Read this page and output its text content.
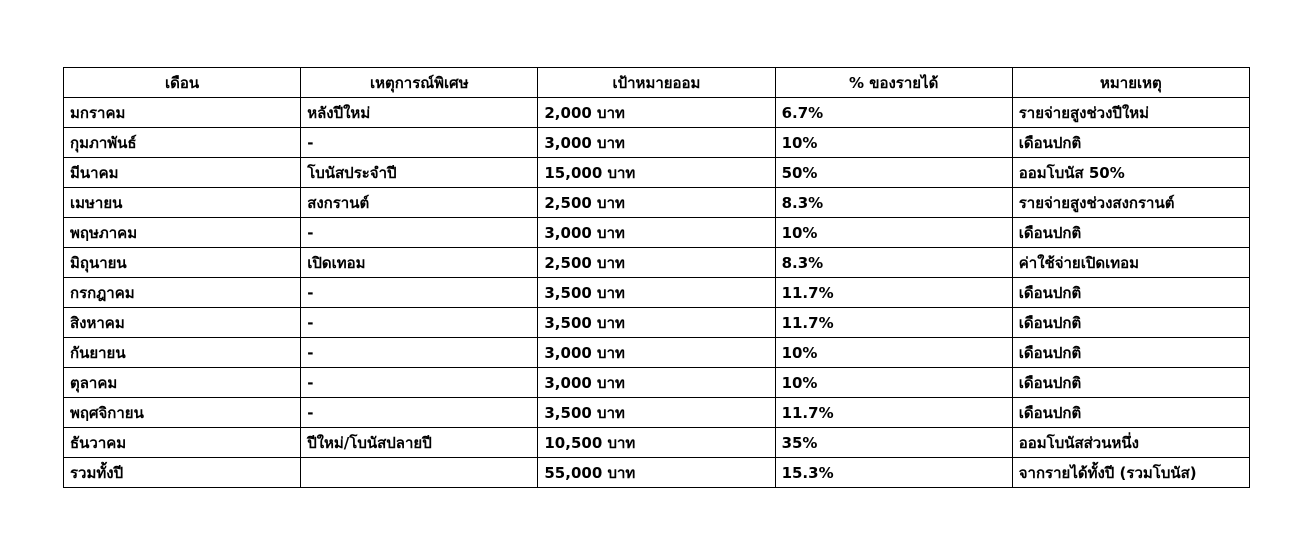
เดือน	เหตุการณ์พิเศษ	เป้าหมายออม	% ของรายได้	หมายเหตุ
มกราคม	หลังปีใหม่	2,000 บาท	6.7%	รายจ่ายสูงช่วงปีใหม่
กุมภาพันธ์	-	3,000 บาท	10%	เดือนปกติ
มีนาคม	โบนัสประจำปี	15,000 บาท	50%	ออมโบนัส 50%
เมษายน	สงกรานต์	2,500 บาท	8.3%	รายจ่ายสูงช่วงสงกรานต์
พฤษภาคม	-	3,000 บาท	10%	เดือนปกติ
มิถุนายน	เปิดเทอม	2,500 บาท	8.3%	ค่าใช้จ่ายเปิดเทอม
กรกฎาคม	-	3,500 บาท	11.7%	เดือนปกติ
สิงหาคม	-	3,500 บาท	11.7%	เดือนปกติ
กันยายน	-	3,000 บาท	10%	เดือนปกติ
ตุลาคม	-	3,000 บาท	10%	เดือนปกติ
พฤศจิกายน	-	3,500 บาท	11.7%	เดือนปกติ
ธันวาคม	ปีใหม่/โบนัสปลายปี	10,500 บาท	35%	ออมโบนัสส่วนหนึ่ง
รวมทั้งปี		55,000 บาท	15.3%	จากรายได้ทั้งปี (รวมโบนัส)
